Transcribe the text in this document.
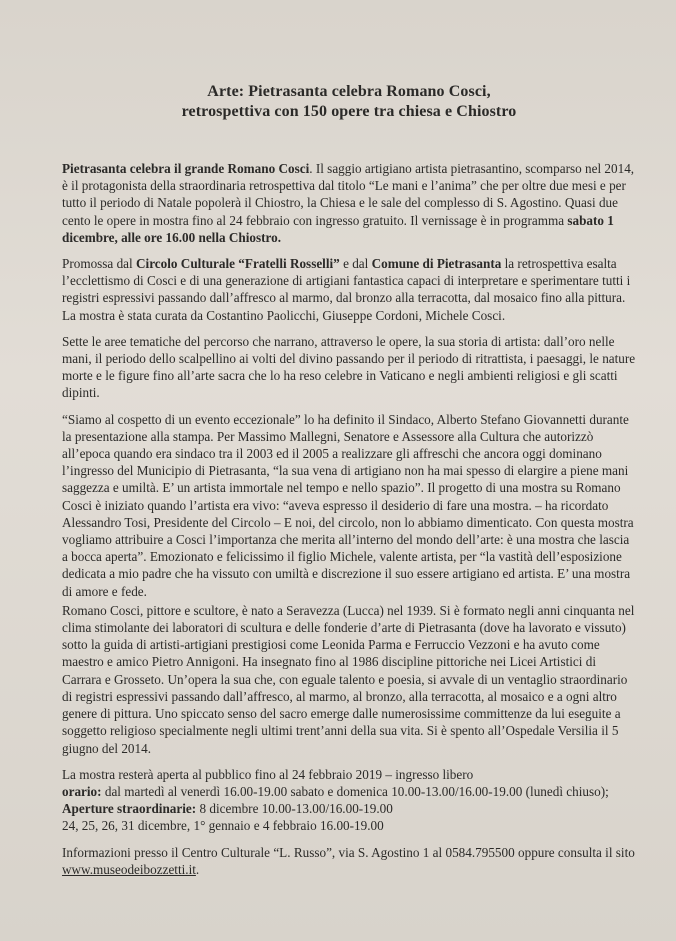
Arte: Pietrasanta celebra Romano Cosci,
retrospettiva con 150 opere tra chiesa e Chiostro

Pietrasanta celebra il grande Romano Cosci. Il saggio artigiano artista pietrasantino, scomparso nel 2014, è il protagonista della straordinaria retrospettiva dal titolo “Le mani e l’anima” che per oltre due mesi e per tutto il periodo di Natale popolerà il Chiostro, la Chiesa e le sale del complesso di S. Agostino. Quasi due cento le opere in mostra fino al 24 febbraio con ingresso gratuito. Il vernissage è in programma sabato 1 dicembre, alle ore 16.00 nella Chiostro.

Promossa dal Circolo Culturale “Fratelli Rosselli” e dal Comune di Pietrasanta la retrospettiva esalta l’ecclettismo di Cosci e di una generazione di artigiani fantastica capaci di interpretare e sperimentare tutti i registri espressivi passando dall’affresco al marmo, dal bronzo alla terracotta, dal mosaico fino alla pittura. La mostra è stata curata da Costantino Paolicchi, Giuseppe Cordoni, Michele Cosci.

Sette le aree tematiche del percorso che narrano, attraverso le opere, la sua storia di artista: dall’oro nelle mani, il periodo dello scalpellino ai volti del divino passando per il periodo di ritrattista, i paesaggi, le nature morte e le figure fino all’arte sacra che lo ha reso celebre in Vaticano e negli ambienti religiosi e gli scatti dipinti.

“Siamo al cospetto di un evento eccezionale” lo ha definito il Sindaco, Alberto Stefano Giovannetti durante la presentazione alla stampa. Per Massimo Mallegni, Senatore e Assessore alla Cultura che autorizzò all’epoca quando era sindaco tra il 2003 ed il 2005 a realizzare gli affreschi che ancora oggi dominano l’ingresso del Municipio di Pietrasanta, “la sua vena di artigiano non ha mai spesso di elargire a piene mani saggezza e umiltà. E’ un artista immortale nel tempo e nello spazio”. Il progetto di una mostra su Romano Cosci è iniziato quando l’artista era vivo: “aveva espresso il desiderio di fare una mostra. – ha ricordato Alessandro Tosi, Presidente del Circolo – E noi, del circolo, non lo abbiamo dimenticato. Con questa mostra vogliamo attribuire a Cosci l’importanza che merita all’interno del mondo dell’arte: è una mostra che lascia a bocca aperta”. Emozionato e felicissimo il figlio Michele, valente artista, per “la vastità dell’esposizione dedicata a mio padre che ha vissuto con umiltà e discrezione il suo essere artigiano ed artista. E’ una mostra di amore e fede.

Romano Cosci, pittore e scultore, è nato a Seravezza (Lucca) nel 1939. Si è formato negli anni cinquanta nel clima stimolante dei laboratori di scultura e delle fonderie d’arte di Pietrasanta (dove ha lavorato e vissuto) sotto la guida di artisti-artigiani prestigiosi come Leonida Parma e Ferruccio Vezzoni e ha avuto come maestro e amico Pietro Annigoni. Ha insegnato fino al 1986 discipline pittoriche nei Licei Artistici di Carrara e Grosseto. Un’opera la sua che, con eguale talento e poesia, si avvale di un ventaglio straordinario di registri espressivi passando dall’affresco, al marmo, al bronzo, alla terracotta, al mosaico e a ogni altro genere di pittura. Uno spiccato senso del sacro emerge dalle numerosissime committenze da lui eseguite a soggetto religioso specialmente negli ultimi trent’anni della sua vita. Si è spento all’Ospedale Versilia il 5 giugno del 2014.

La mostra resterà aperta al pubblico fino al 24 febbraio 2019 – ingresso libero
orario: dal martedì al venerdì 16.00-19.00 sabato e domenica 10.00-13.00/16.00-19.00 (lunedì chiuso);
Aperture straordinarie: 8 dicembre 10.00-13.00/16.00-19.00
24, 25, 26, 31 dicembre, 1° gennaio e 4 febbraio 16.00-19.00

Informazioni presso il Centro Culturale “L. Russo”, via S. Agostino 1 al 0584.795500 oppure consulta il sito www.museodeibozzetti.it.
